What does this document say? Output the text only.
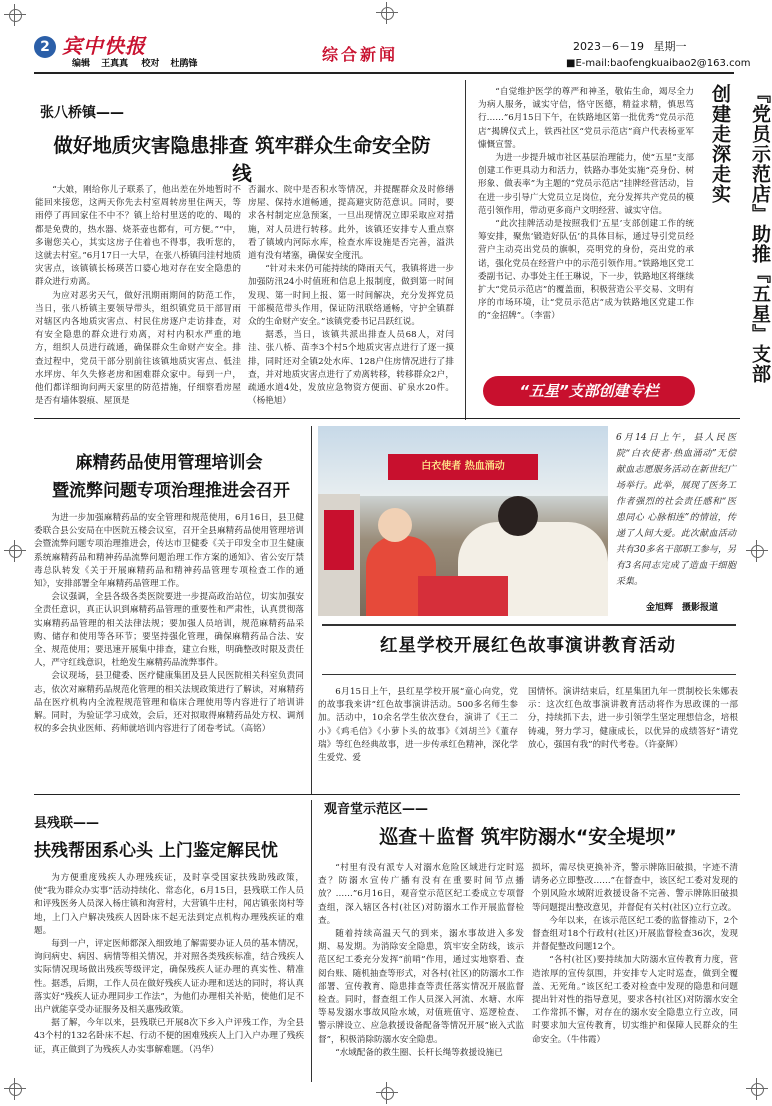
2 宾中快报
编辑 王真真 校对 杜鹃锋	综合新闻	2023－6－19 星期一
■E-mail:baofengkuaibao2@163.com
张八桥镇——
做好地质灾害隐患排查 筑牢群众生命安全防线

“大娘，刚给你儿子联系了，他出差在外地暂时不能回来接您，这两天你先去村室周转房里住两天，等雨停了再回家住不中不？镇上给村里送的吃的、喝的都是免费的，热水器、烧茶壶也都有，可方便。”“中，多谢您关心，其实这房子住着也不得事，我听您的，这就去村室。”6月17日一大早，在张八桥镇闫洼村地质灾害点，该镇镇长杨瑛苦口婆心地对存在安全隐患的群众进行劝离。

为应对恶劣天气，做好汛期雨期间的防范工作，当日，张八桥镇主要领导带头，组织镇党员干部冒雨对辖区内各地质灾害点、村民住房逐户走访排查，对有安全隐患的群众进行劝离，对村内积水严重的地方，组织人员进行疏通，确保群众生命财产安全。排查过程中，党员干部分别前往该镇地质灾害点、低洼水坪房、年久失修老房和困难群众家中。每到一户，他们都详细询问两天家里的防范措施，仔细察看房屋是否有墙体裂痕、屋顶是

否漏水、院中是否积水等情况，并提醒群众及时修缮房屋、保持水道畅通，提高避灾防范意识。同时，要求各村制定应急预案，一旦出现情况立即采取应对措施，对人员进行转移。此外，该镇还安排专人重点察看了镇域内河际水库，检查水库设施是否完善，溢洪道有没有堵塞，确保安全度汛。

“针对未来仍可能持续的降雨天气，我镇将进一步加强防汛24小时值班和信息上报制度，做到第一时间发现、第一时间上报、第一时间解决，充分发挥党员干部模范带头作用，保证防汛联络通畅，守护全镇群众的生命财产安全。”该镇党委书记吕跃红说。

据悉，当日，该镇共派出排查人员68人，对闫洼、张八桥、苗李3个村5个地质灾害点进行了逐一摸排，同时还对全镇2处水库、128户住房情况进行了排查，并对地质灾害点进行了劝离转移，转移群众2户，疏通水道4处，发放应急物资方便面、矿泉水20件。（杨艳旭）

“自觉维护医学的尊严和神圣，敬佑生命，竭尽全力为病人服务，诚实守信，恪守医德，精益求精，慎思笃行……”6月15日下午，在铁路地区第一批优秀“党员示范店”揭牌仪式上，铁西社区“党员示范店”商户代表杨亚军慷慨宣誓。

为进一步提升城市社区基层治理能力，使“五星”支部创建工作更具动力和活力，铁路办事处实施“亮身份、树形象、做表率”为主题的“党员示范店”挂牌经营活动，旨在进一步引导广大党员立足岗位，充分发挥共产党员的模范引领作用，带动更多商户文明经营、诚实守信。

“此次挂牌活动是按照我们‘五星’支部创建工作的统筹安排，聚焦‘锻造好队伍’的具体目标，通过导引党员经营户主动亮出党员的旗帜，亮明党的身份，亮出党的承诺，强化党员在经营户中的示范引领作用。”铁路地区党工委副书记、办事处主任王琳说，下一步，铁路地区将继续扩大“党员示范店”的覆盖面，积极营造公平交易、文明有序的市场环境，让“党员示范店”成为铁路地区党建工作的“金招牌”。（李雷）	『党员示范店』助推『五星』支部创建走深走实
“五星”支部创建专栏
麻精药品使用管理培训会
暨流弊问题专项治理推进会召开

为进一步加强麻精药品的安全管理和规范使用，6月16日，县卫健委联合县公安局在中医院五楼会议室，召开全县麻精药品使用管理培训会暨流弊问题专项治理推进会，传达市卫健委《关于印发全市卫生健康系统麻精药品和精神药品流弊问题治理工作方案的通知》、省公安厅禁毒总队转发《关于开展麻精药品和精神药品管理专项检查工作的通知》，安排部署全年麻精药品管理工作。

会议强调，全县各级各类医院要进一步提高政治站位，切实加强安全责任意识，真正认识到麻精药品管理的重要性和严肃性，认真贯彻落实麻精药品管理的相关法律法规；要加强人员培训，规范麻精药品采购、储存和使用等各环节；要坚持强化管理，确保麻精药品合法、安全、规范使用；要迅速开展集中排查，建立台账，明确整改时限及责任人，严守红线意识，杜绝发生麻精药品流弊事件。

会议现场，县卫健委、医疗健康集团及县人民医院相关科室负责同志，依次对麻精药品规范化管理的相关法规政策进行了解读，对麻精药品在医疗机构内全流程规范管理和临床合理使用等内容进行了培训讲解。同时，为验证学习成效，会后，还对拟取得麻精药品处方权、调剂权的多会执业医师、药师就培训内容进行了闭卷考试。（高铭）

白衣使者 热血涌动
6月14日上午，县人民医院“白衣使者·热血涌动”无偿献血志愿服务活动在新世纪广场举行。此举，展现了医务工作者强烈的社会责任感和“医患同心 心脉相连”的情谊，传递了人间大爱。此次献血活动共有30多名干部职工参与，另有3名同志完成了造血干细胞采集。
金旭辉　摄影报道
红星学校开展红色故事演讲教育活动

6月15日上午，县红星学校开展“童心向党，党的故事我来讲”红色故事演讲活动。500多名师生参加。活动中，10余名学生依次登台，演讲了《王二小》《鸡毛信》《小萝卜头的故事》《刘胡兰》《董存瑞》等红色经典故事，进一步传承红色精神，深化学生爱党、爱

国情怀。演讲结束后，红星集团九年一贯制校长朱娜表示：这次红色故事演讲教育活动将作为思政课的一部分，持续抓下去，进一步引领学生坚定理想信念，培根铸魂，努力学习，健康成长，以优异的成绩答好“请党放心，强国有我”的时代考卷。（许豪辉）

县残联——
扶残帮困系心头 上门鉴定解民忧

为方便重度残疾人办理残疾证，及时享受国家扶残助残政策，使“我为群众办实事”活动持续化、常态化，6月15日，县残联工作人员和评残医务人员深入杨庄镇和洵营村，大营镇牛庄村，闻店镇张岗村等地，上门入户解决残疾人因卧床不起无法到定点机构办理残疾证的难题。

每到一户，评定医师都深入细致地了解需要办证人员的基本情况，询问病史、病因、病情等相关情况，并对照各类残疾标准，结合残疾人实际情况现场做出残疾等级评定，确保残疾人证办理的真实性、精准性。据悉，后期，工作人员在做好残疾人证办理和送达的同时，将认真落实好“残疾人证办理同步工作法”，为他们办理相关补贴，使他们足不出户就能享受办证服务及相关惠残政策。

据了解，今年以来，县残联已开展8次下乡入户评残工作，为全县43个村的132名卧床不起、行动不便的困难残疾人上门入户办理了残疾证，真正做到了为残疾人办实事解难题。（冯华）

观音堂示范区——
巡查＋监督 筑牢防溺水“安全堤坝”

“村里有没有派专人对溺水危险区域进行定时巡查？防溺水宣传广播有没有在重要时间节点播放？……”6月16日，观音堂示范区纪工委成立专项督查组，深入辖区各村(社区)对防溺水工作开展监督检查。

随着持续高温天气的到来，溺水事故进入多发期、易发期。为消除安全隐患，筑牢安全防线，该示范区纪工委充分发挥“前哨”作用，通过实地察看、查阅台账、随机抽查等形式，对各村(社区)的防溺水工作部署、宣传教育、隐患排查等责任落实情况开展监督检查。同时，督查组工作人员深入河流、水塘、水库等易发溺水事故风险水域，对值班值守、巡逻检查、警示牌设立、应急救援设备配备等情况开展“嵌入式监督”，积极消除防溺水安全隐患。

“水域配备的救生圈、长杆长绳等救援设施已

损坏，需尽快更换补齐，警示牌陈旧破损，字迹不清请务必立即整改……”在督查中，该区纪工委对发现的个别风险水域附近救援设备不完善、警示牌陈旧破损等问题提出整改意见，并督促有关村(社区)立行立改。

今年以来，在该示范区纪工委的监督推动下，2个督查组对18个行政村(社区)开展监督检查36次，发现并督促整改问题12个。

“各村(社区)要持续加大防溺水宣传教育力度，营造浓厚的宣传氛围，并安排专人定时巡查，做到全覆盖、无死角。”该区纪工委对检查中发现的隐患和问题提出针对性的指导意见，要求各村(社区)对防溺水安全工作常抓不懈，对存在的溺水安全隐患立行立改，同时要求加大宣传教育，切实维护和保障人民群众的生命安全。（牛伟霞）
